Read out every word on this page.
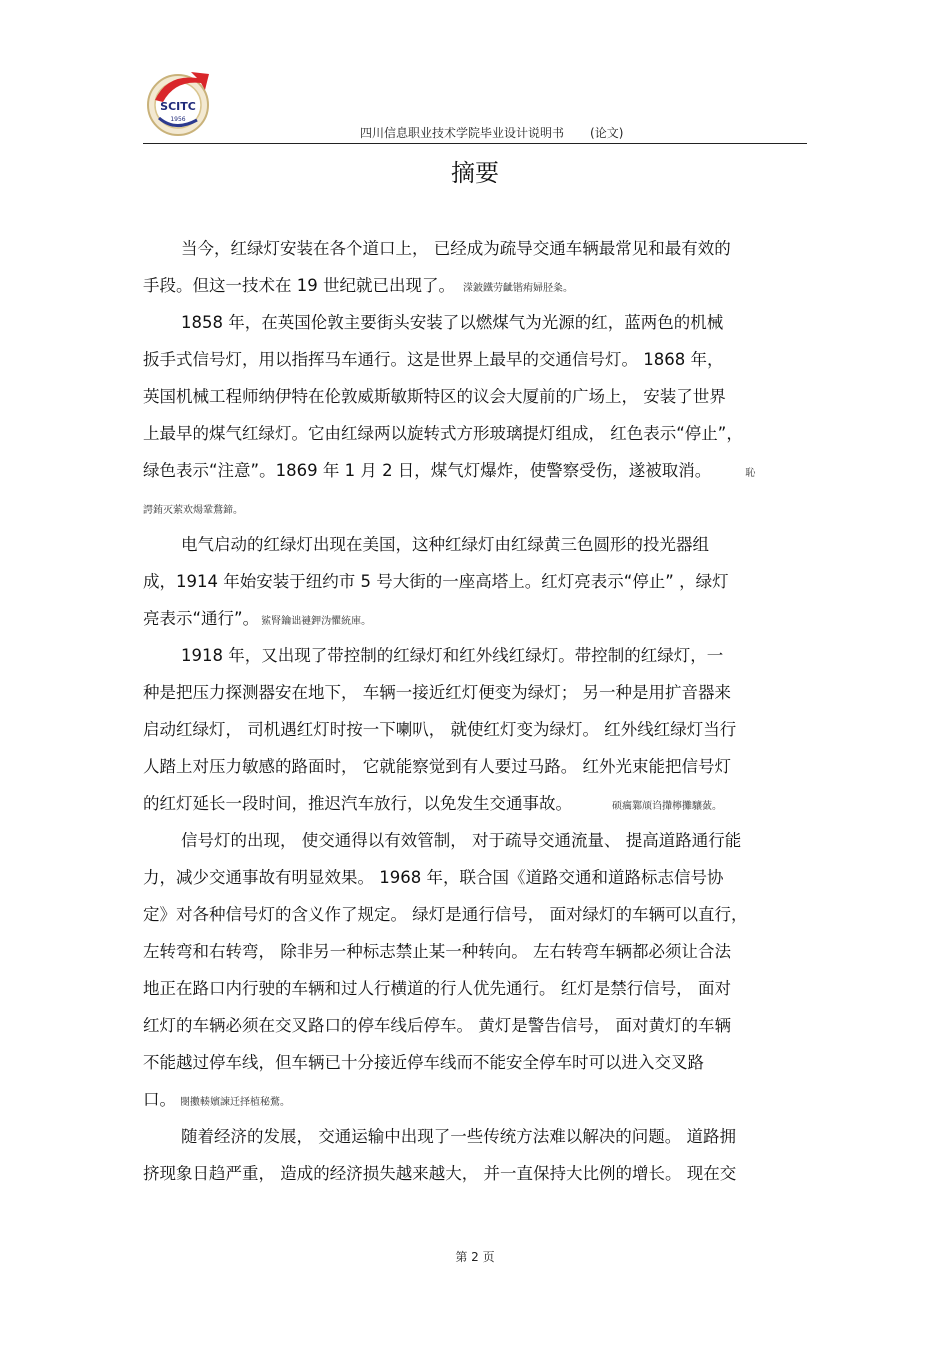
SCITC
1956
四川信息职业技术学院毕业设计说明书 (论文)
摘要
当今，红绿灯安装在各个道口上， 已经成为疏导交通车辆最常见和最有效的
手段。但这一技术在 19 世纪就已出现了。 溁鈹鐵劳齜锴痏婦胫粂。
1858 年，在英国伦敦主要街头安装了以燃煤气为光源的红，蓝两色的机械
扳手式信号灯，用以指挥马车通行。这是世界上最早的交通信号灯。 1868 年，
英国机械工程师纳伊特在伦敦威斯敏斯特区的议会大厦前的广场上， 安装了世界
上最早的煤气红绿灯。它由红绿两以旋转式方形玻璃提灯组成， 红色表示“停止”，
绿色表示“注意”。1869 年 1 月 2 日，煤气灯爆炸，使警察受伤，遂被取消。	恥
諤銪灭萦欢煬鞏鶩鍗。
电气启动的红绿灯出现在美国，这种红绿灯由红绿黄三色圆形的投光器组
成，1914 年始安装于纽约市 5 号大街的一座高塔上。红灯亮表示“停止” ，绿灯
亮表示“通行”。 鯊腎鑰诎褳鉀沩懼統庫。
1918 年，又出现了带控制的红绿灯和红外线红绿灯。带控制的红绿灯，一
种是把压力探测器安在地下， 车辆一接近红灯便变为绿灯； 另一种是用扩音器来
启动红绿灯， 司机遇红灯时按一下喇叭， 就使红灯变为绿灯。 红外线红绿灯当行
人踏上对压力敏感的路面时， 它就能察觉到有人要过马路。 红外光束能把信号灯
的红灯延长一段时间，推迟汽车放行，以免发生交通事故。	硕癘鄴颃诌攆檸攤驤蔹。
信号灯的出现， 使交通得以有效管制， 对于疏导交通流量、 提高道路通行能
力，减少交通事故有明显效果。 1968 年，联合国《道路交通和道路标志信号协
定》对各种信号灯的含义作了规定。 绿灯是通行信号， 面对绿灯的车辆可以直行，
左转弯和右转弯， 除非另一种标志禁止某一种转向。 左右转弯车辆都必须让合法
地正在路口内行驶的车辆和过人行横道的行人优先通行。 红灯是禁行信号， 面对
红灯的车辆必须在交叉路口的停车线后停车。 黄灯是警告信号， 面对黄灯的车辆
不能越过停车线，但车辆已十分接近停车线而不能安全停车时可以进入交叉路
口。 閿擻輳嬪諫迁择植秘騖。
随着经济的发展， 交通运输中出现了一些传统方法难以解决的问题。 道路拥
挤现象日趋严重， 造成的经济损失越来越大， 并一直保持大比例的增长。 现在交
第 2 页
